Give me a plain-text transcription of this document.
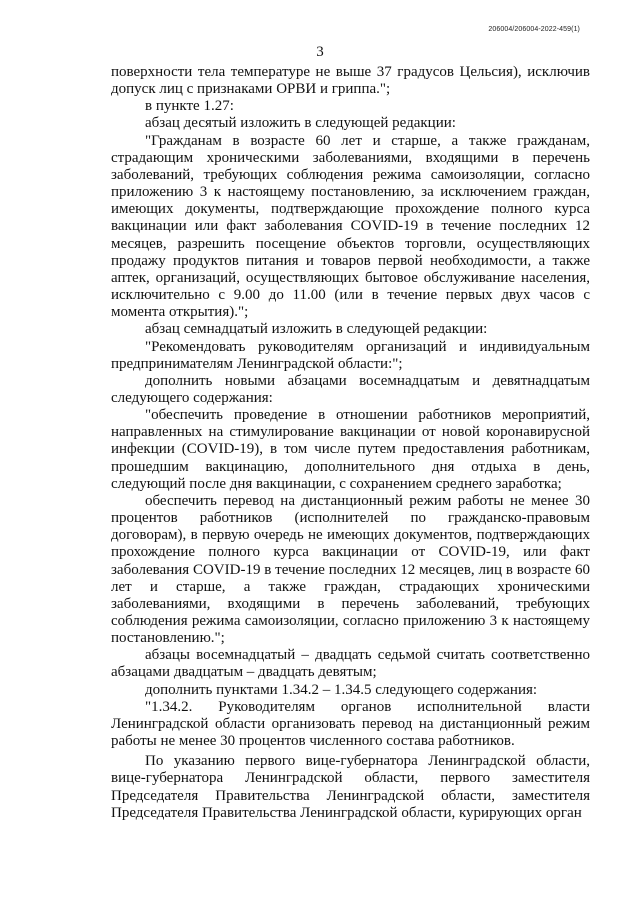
206004/206004-2022-459(1)
3

поверхности тела температуре не выше 37 градусов Цельсия), исключив допуск лиц с признаками ОРВИ и гриппа.";

в пункте 1.27:

абзац десятый изложить в следующей редакции:

"Гражданам в возрасте 60 лет и старше, а также гражданам, страдающим хроническими заболеваниями, входящими в перечень заболеваний, требующих соблюдения режима самоизоляции, согласно приложению 3 к настоящему постановлению, за исключением граждан, имеющих документы, подтверждающие прохождение полного курса вакцинации или факт заболевания COVID-19 в течение последних 12 месяцев, разрешить посещение объектов торговли, осуществляющих продажу продуктов питания и товаров первой необходимости, а также аптек, организаций, осуществляющих бытовое обслуживание населения, исключительно с 9.00 до 11.00 (или в течение первых двух часов с момента открытия).";

абзац семнадцатый изложить в следующей редакции:

"Рекомендовать руководителям организаций и индивидуальным предпринимателям Ленинградской области:";

дополнить новыми абзацами восемнадцатым и девятнадцатым следующего содержания:

"обеспечить проведение в отношении работников мероприятий, направленных на стимулирование вакцинации от новой коронавирусной инфекции (COVID-19), в том числе путем предоставления работникам, прошедшим вакцинацию, дополнительного дня отдыха в день, следующий после дня вакцинации, с сохранением среднего заработка;

обеспечить перевод на дистанционный режим работы не менее 30 процентов работников (исполнителей по гражданско-правовым договорам), в первую очередь не имеющих документов, подтверждающих прохождение полного курса вакцинации от COVID-19, или факт заболевания COVID-19 в течение последних 12 месяцев, лиц в возрасте 60 лет и старше, а также граждан, страдающих хроническими заболеваниями, входящими в перечень заболеваний, требующих соблюдения режима самоизоляции, согласно приложению 3 к настоящему постановлению.";

абзацы восемнадцатый – двадцать седьмой считать соответственно абзацами двадцатым – двадцать девятым;

дополнить пунктами 1.34.2 – 1.34.5 следующего содержания:

"1.34.2. Руководителям органов исполнительной власти Ленинградской области организовать перевод на дистанционный режим работы не менее 30 процентов численного состава работников.

По указанию первого вице-губернатора Ленинградской области, вице-губернатора Ленинградской области, первого заместителя Председателя Правительства Ленинградской области, заместителя Председателя Правительства Ленинградской области, курирующих орган
